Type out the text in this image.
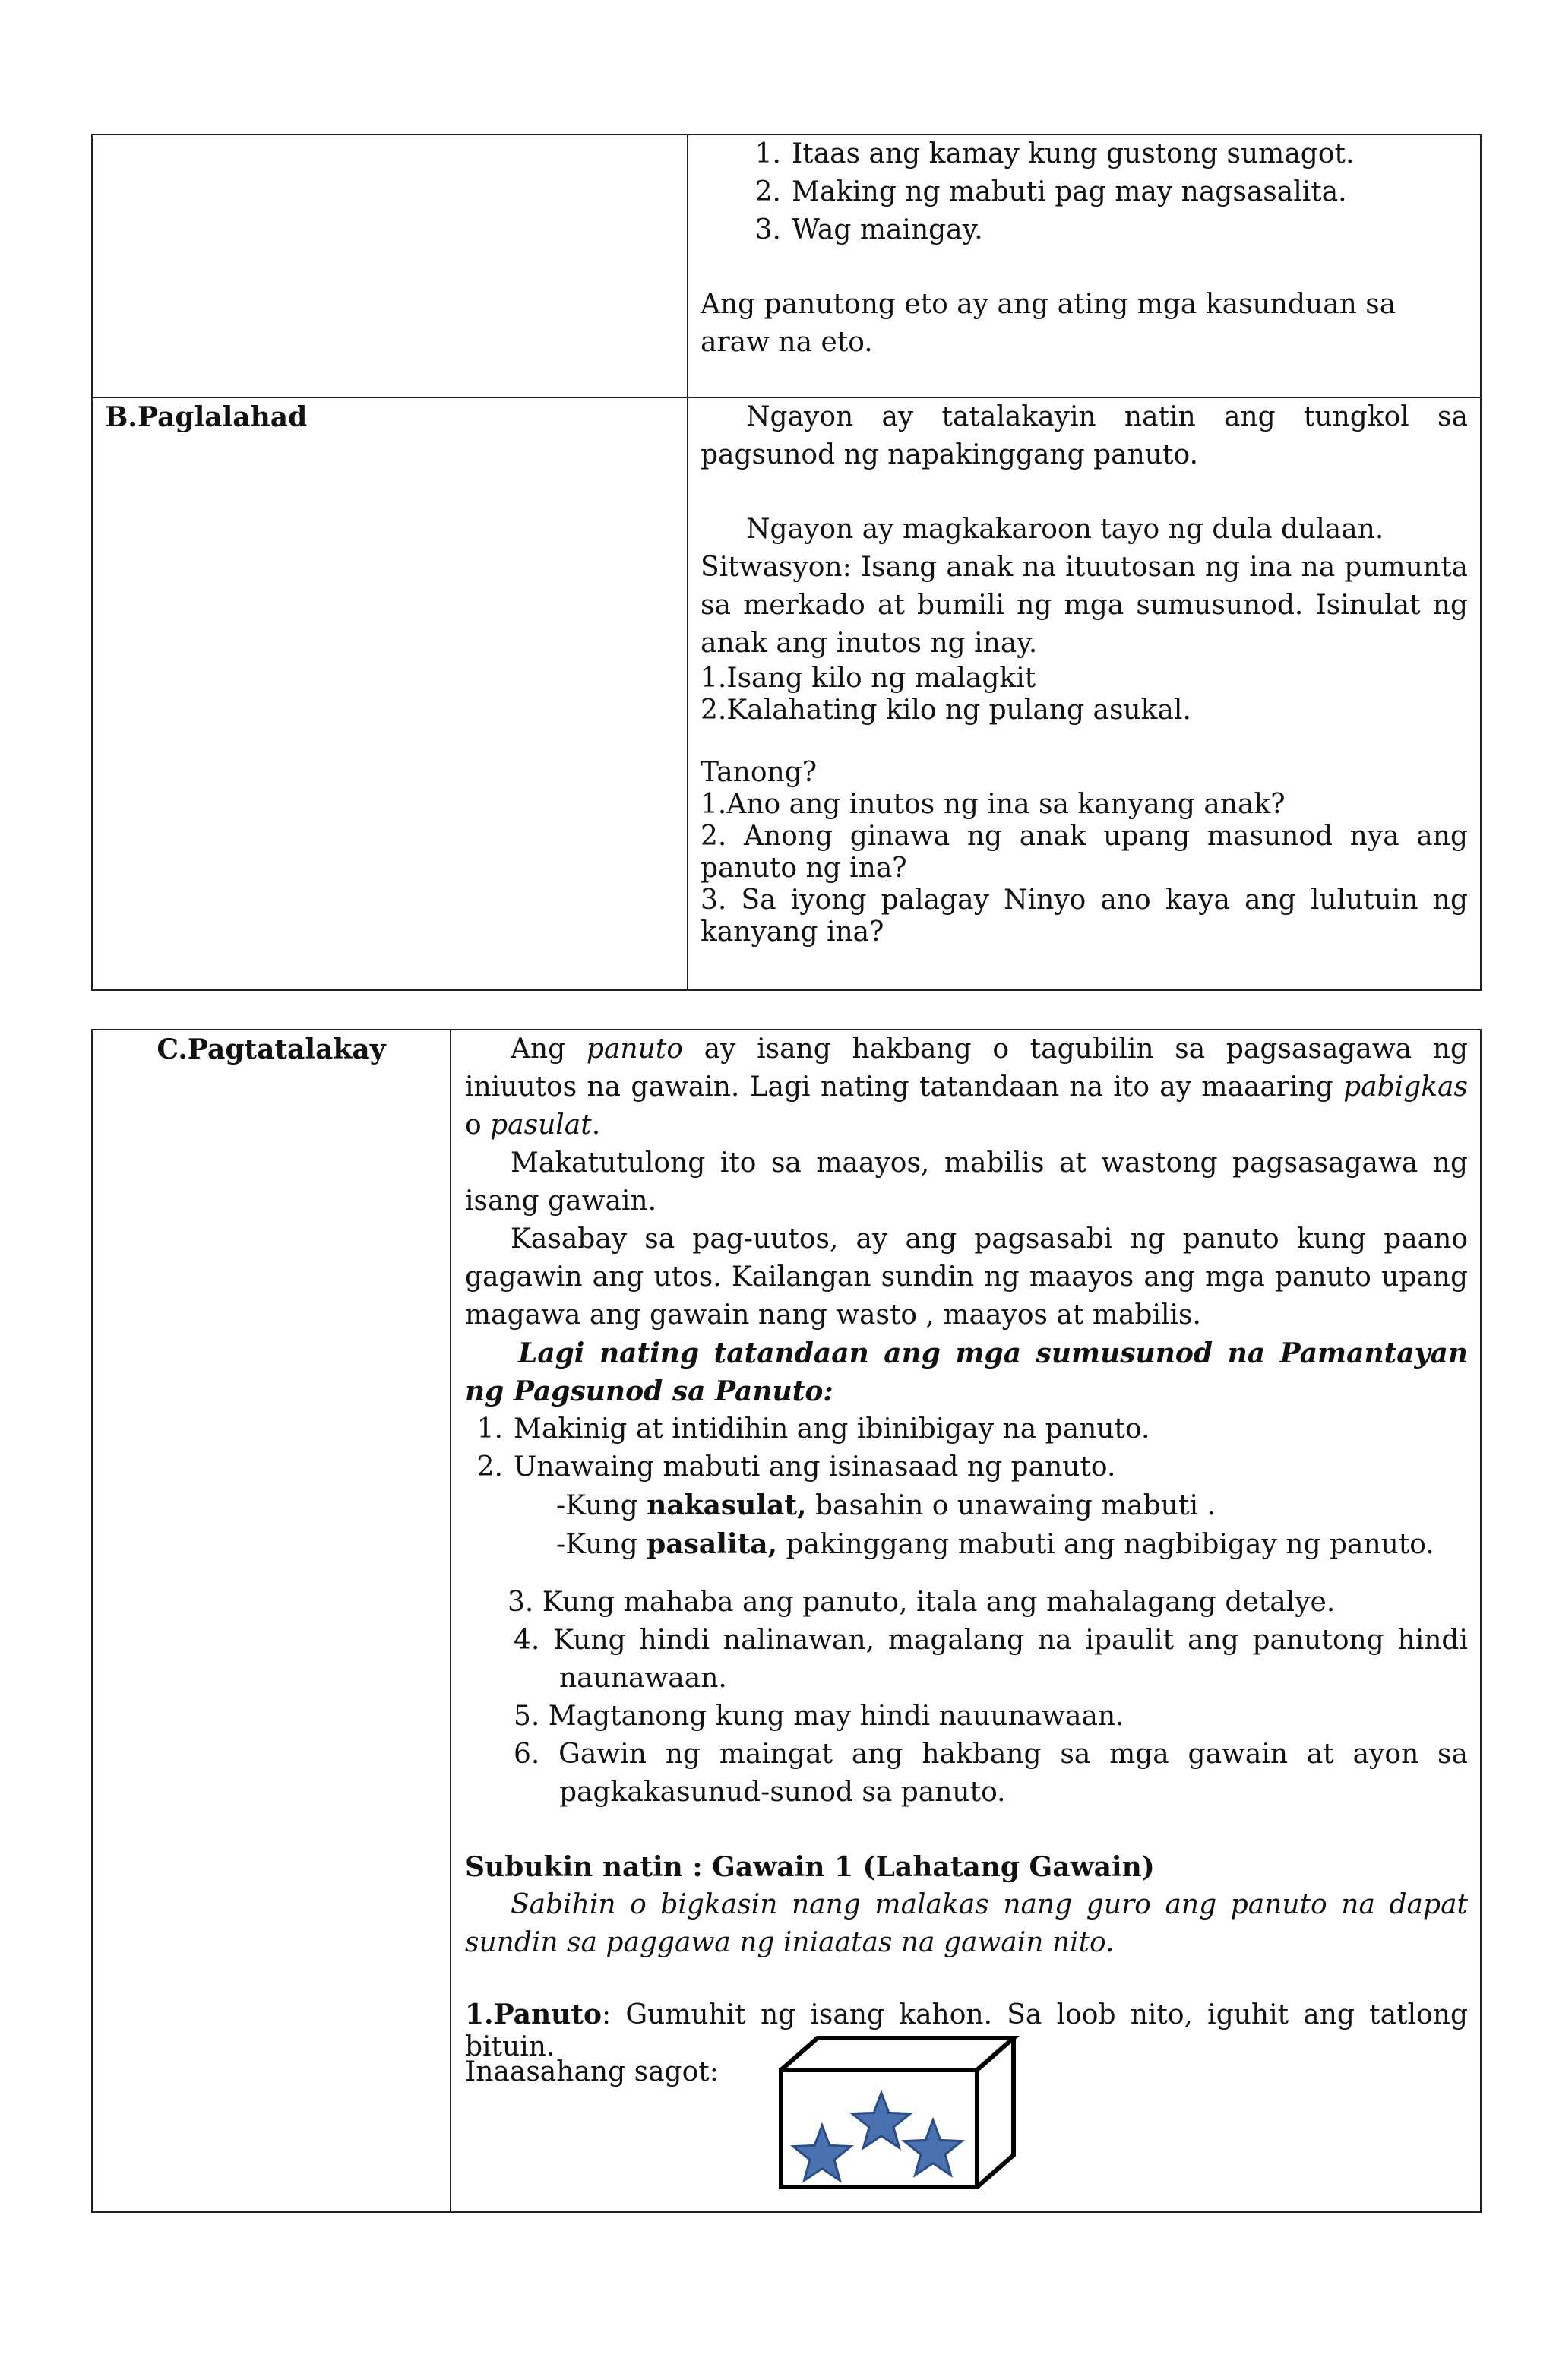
1. Itaas ang kamay kung gustong sumagot.
2. Making ng mabuti pag may nagsasalita.
3. Wag maingay.

Ang panutong eto ay ang ating mga kasunduan sa araw na eto.

B.Paglalahad	Ngayon ay tatalakayin natin ang tungkol sa pagsunod ng napakinggang panuto.

Ngayon ay magkakaroon tayo ng dula dulaan.

Sitwasyon: Isang anak na ituutosan ng ina na pumunta sa merkado at bumili ng mga sumusunod. Isinulat ng anak ang inutos ng inay.

1.Isang kilo ng malagkit

2.Kalahating kilo ng pulang asukal.

Tanong?

1.Ano ang inutos ng ina sa kanyang anak?

2. Anong ginawa ng anak upang masunod nya ang panuto ng ina?

3. Sa iyong palagay Ninyo ano kaya ang lulutuin ng kanyang ina?

C.Pagtatalakay	Ang panuto ay isang hakbang o tagubilin sa pagsasagawa ng iniuutos na gawain. Lagi nating tatandaan na ito ay maaaring pabigkas o pasulat.

Makatutulong ito sa maayos, mabilis at wastong pagsasagawa ng isang gawain.

Kasabay sa pag-uutos, ay ang pagsasabi ng panuto kung paano gagawin ang utos. Kailangan sundin ng maayos ang mga panuto upang magawa ang gawain nang wasto , maayos at mabilis.

Lagi nating tatandaan ang mga sumusunod na Pamantayan ng Pagsunod sa Panuto:

1. Makinig at intidihin ang ibinibigay na panuto.
2. Unawaing mabuti ang isinasaad ng panuto.

-Kung nakasulat, basahin o unawaing mabuti .

-Kung pasalita, pakinggang mabuti ang nagbibigay ng panuto.

3. Kung mahaba ang panuto, itala ang mahalagang detalye.

4. Kung hindi nalinawan, magalang na ipaulit ang panutong hindi naunawaan.

5. Magtanong kung may hindi nauunawaan.

6. Gawin ng maingat ang hakbang sa mga gawain at ayon sa pagkakasunud-sunod sa panuto.

Subukin natin : Gawain 1 (Lahatang Gawain)

Sabihin o bigkasin nang malakas nang guro ang panuto na dapat sundin sa paggawa ng iniaatas na gawain nito.

1.Panuto: Gumuhit ng isang kahon. Sa loob nito, iguhit ang tatlong bituin.

Inaasahang sagot:
